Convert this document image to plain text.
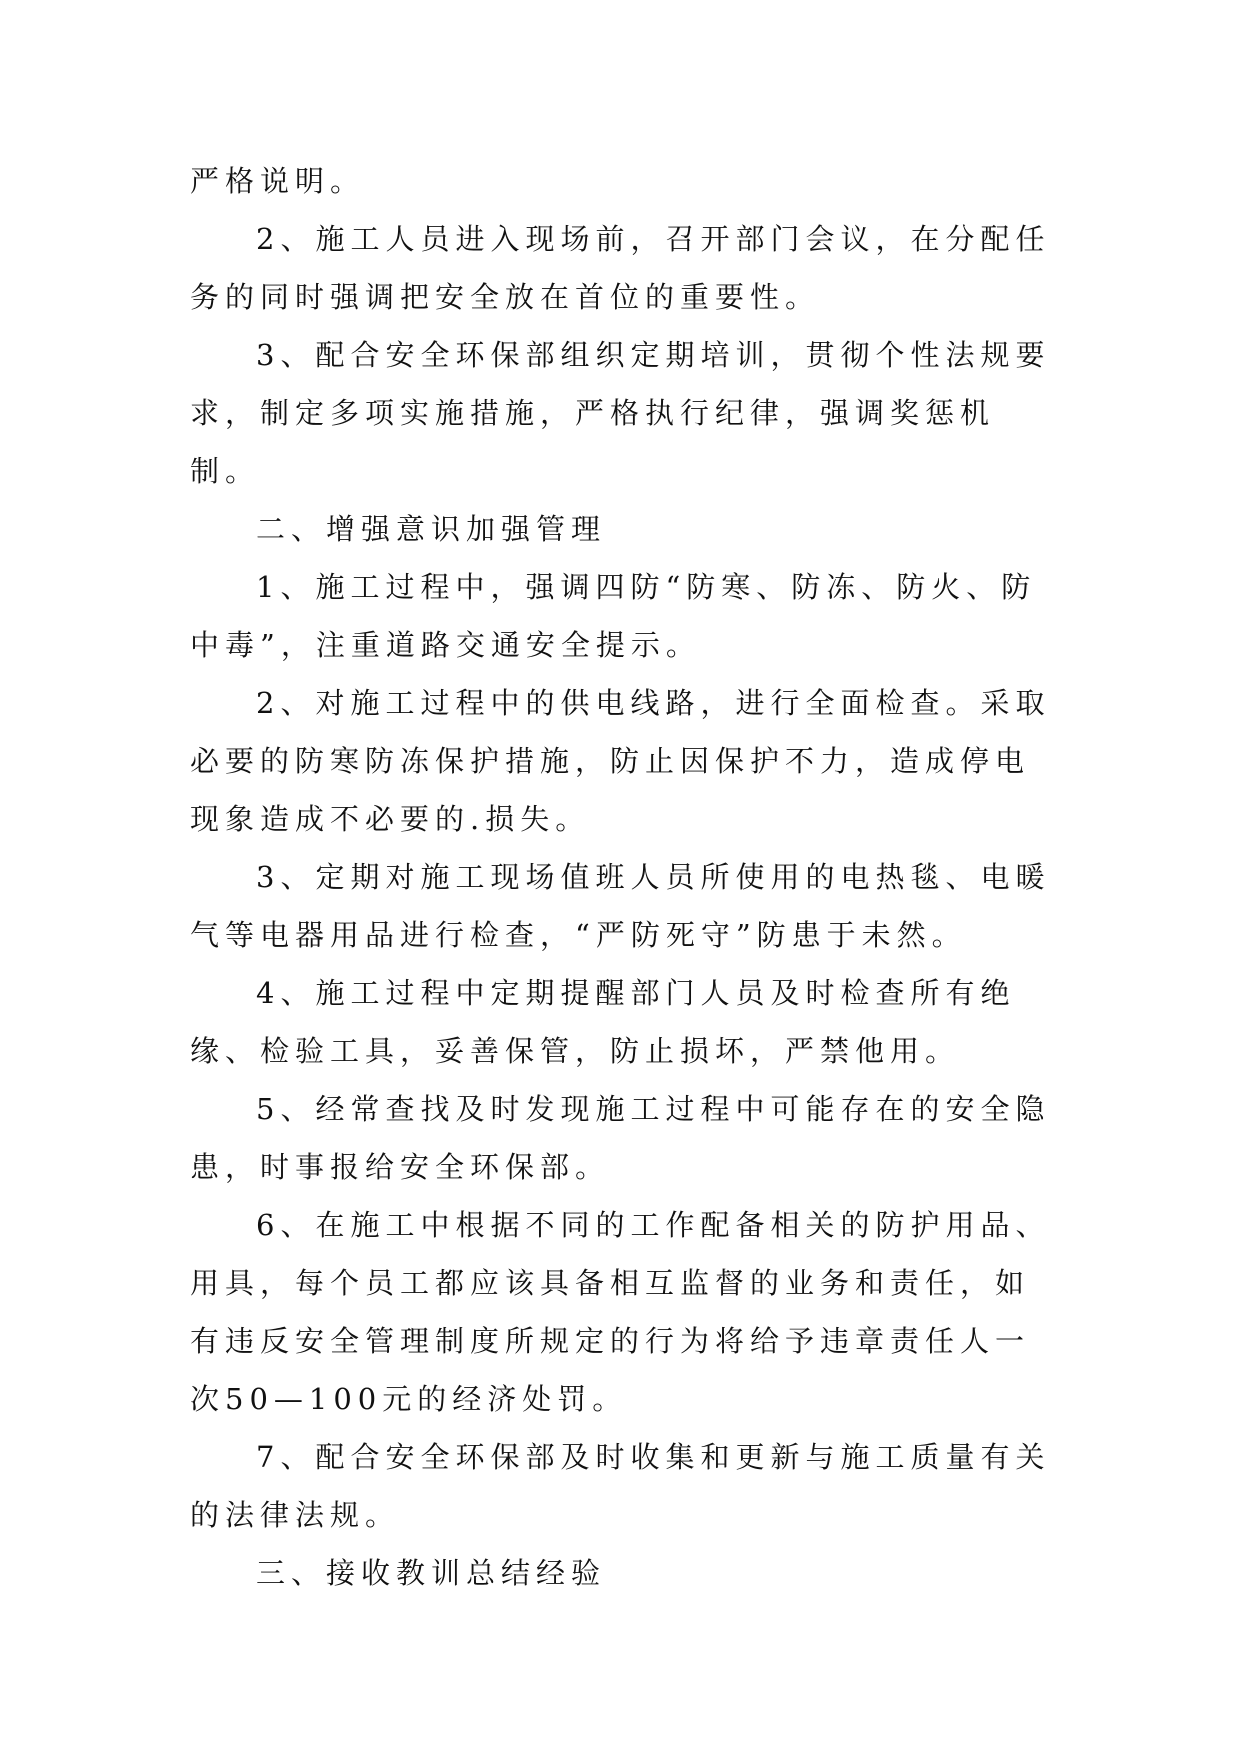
严格说明。

2、施工人员进入现场前，召开部门会议，在分配任务的同时强调把安全放在首位的重要性。

3、配合安全环保部组织定期培训，贯彻个性法规要求，制定多项实施措施，严格执行纪律，强调奖惩机制。

二、增强意识加强管理

1、施工过程中，强调四防“防寒、防冻、防火、防中毒”，注重道路交通安全提示。

2、对施工过程中的供电线路，进行全面检查。采取必要的防寒防冻保护措施，防止因保护不力，造成停电现象造成不必要的.损失。

3、定期对施工现场值班人员所使用的电热毯、电暖气等电器用品进行检查，“严防死守”防患于未然。

4、施工过程中定期提醒部门人员及时检查所有绝缘、检验工具，妥善保管，防止损坏，严禁他用。

5、经常查找及时发现施工过程中可能存在的安全隐患，时事报给安全环保部。

6、在施工中根据不同的工作配备相关的防护用品、用具，每个员工都应该具备相互监督的业务和责任，如有违反安全管理制度所规定的行为将给予违章责任人一次50—100元的经济处罚。

7、配合安全环保部及时收集和更新与施工质量有关的法律法规。

三、接收教训总结经验
